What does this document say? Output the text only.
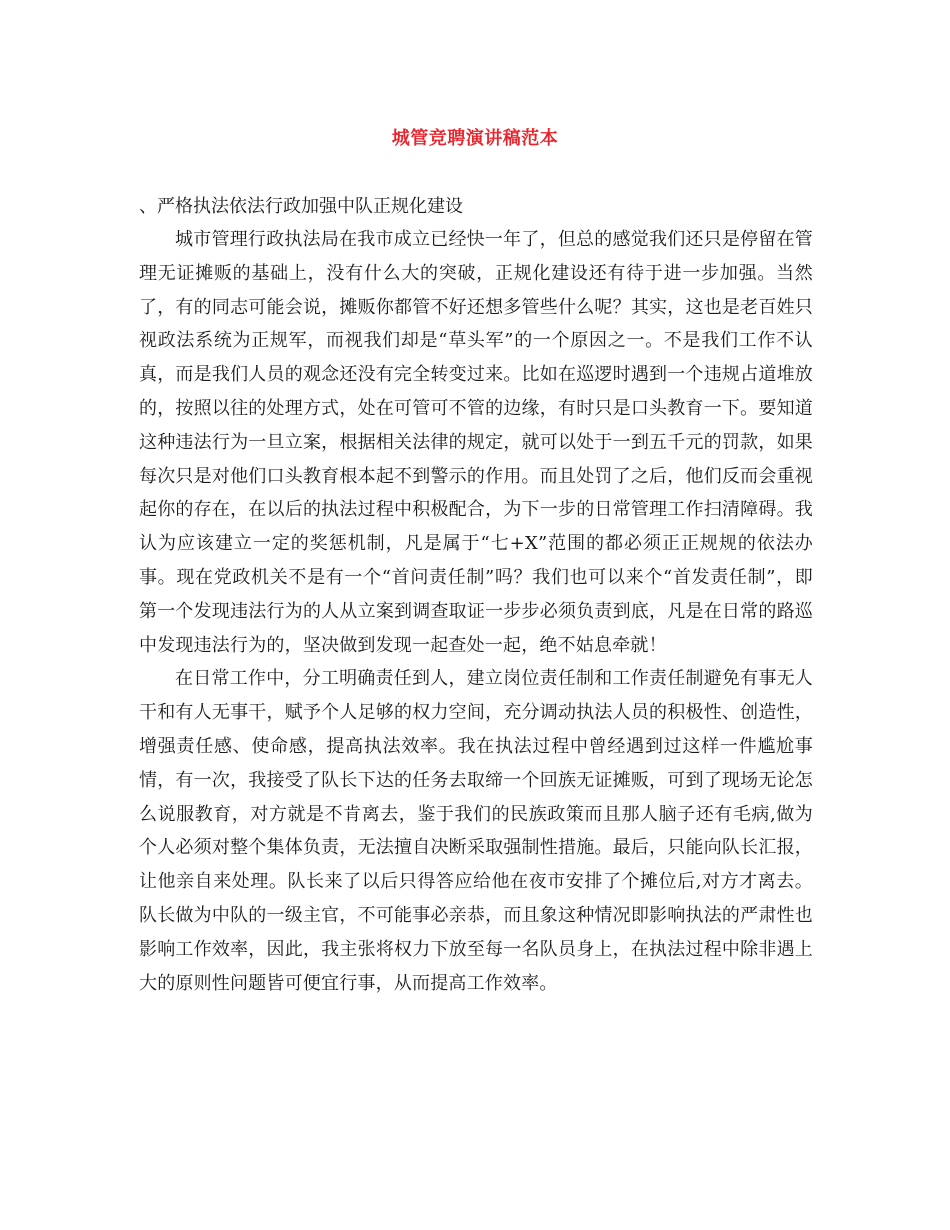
城管竞聘演讲稿范本

、严格执法依法行政加强中队正规化建设

城市管理行政执法局在我市成立已经快一年了，但总的感觉我们还只是停留在管理无证摊贩的基础上，没有什么大的突破，正规化建设还有待于进一步加强。当然了，有的同志可能会说，摊贩你都管不好还想多管些什么呢？其实，这也是老百姓只视政法系统为正规军，而视我们却是“草头军”的一个原因之一。不是我们工作不认真，而是我们人员的观念还没有完全转变过来。比如在巡逻时遇到一个违规占道堆放的，按照以往的处理方式，处在可管可不管的边缘，有时只是口头教育一下。要知道这种违法行为一旦立案，根据相关法律的规定，就可以处于一到五千元的罚款，如果每次只是对他们口头教育根本起不到警示的作用。而且处罚了之后，他们反而会重视起你的存在，在以后的执法过程中积极配合，为下一步的日常管理工作扫清障碍。我认为应该建立一定的奖惩机制，凡是属于“七+X”范围的都必须正正规规的依法办事。现在党政机关不是有一个“首问责任制”吗？我们也可以来个“首发责任制”，即第一个发现违法行为的人从立案到调查取证一步步必须负责到底，凡是在日常的路巡中发现违法行为的，坚决做到发现一起查处一起，绝不姑息牵就！

在日常工作中，分工明确责任到人，建立岗位责任制和工作责任制避免有事无人干和有人无事干，赋予个人足够的权力空间，充分调动执法人员的积极性、创造性，增强责任感、使命感，提高执法效率。我在执法过程中曾经遇到过这样一件尴尬事情，有一次，我接受了队长下达的任务去取缔一个回族无证摊贩，可到了现场无论怎么说服教育，对方就是不肯离去，鉴于我们的民族政策而且那人脑子还有毛病,做为个人必须对整个集体负责，无法擅自决断采取强制性措施。最后，只能向队长汇报，让他亲自来处理。队长来了以后只得答应给他在夜市安排了个摊位后,对方才离去。队长做为中队的一级主官，不可能事必亲恭，而且象这种情况即影响执法的严肃性也影响工作效率，因此，我主张将权力下放至每一名队员身上，在执法过程中除非遇上大的原则性问题皆可便宜行事，从而提高工作效率。
